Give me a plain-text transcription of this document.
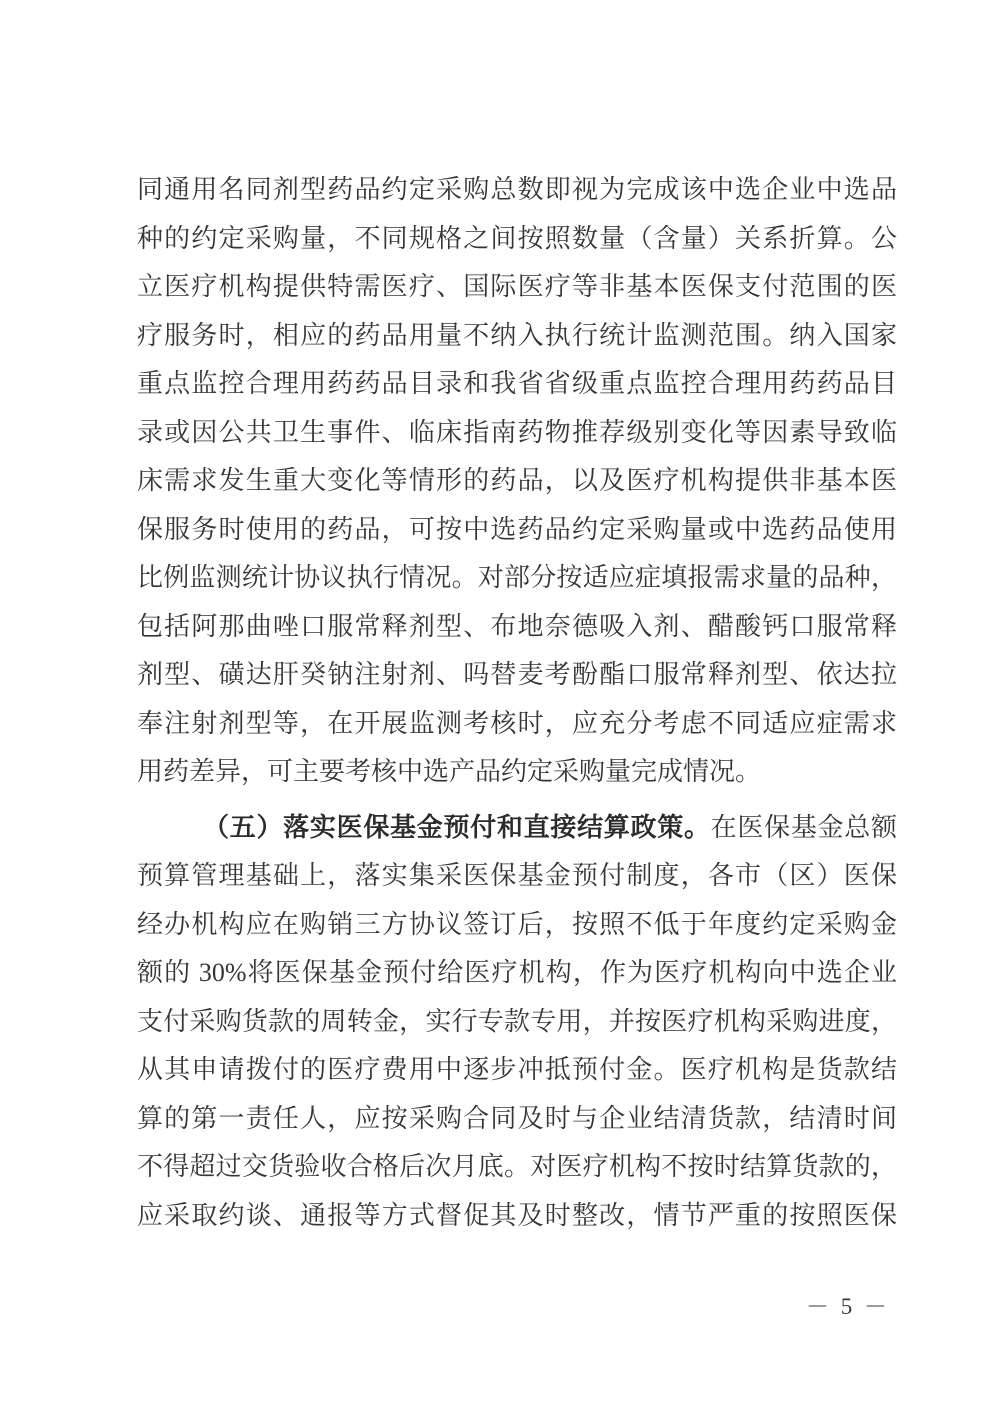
同通用名同剂型药品约定采购总数即视为完成该中选企业中选品
种的约定采购量，不同规格之间按照数量（含量）关系折算。公
立医疗机构提供特需医疗、国际医疗等非基本医保支付范围的医
疗服务时，相应的药品用量不纳入执行统计监测范围。纳入国家
重点监控合理用药药品目录和我省省级重点监控合理用药药品目
录或因公共卫生事件、临床指南药物推荐级别变化等因素导致临
床需求发生重大变化等情形的药品，以及医疗机构提供非基本医
保服务时使用的药品，可按中选药品约定采购量或中选药品使用
比例监测统计协议执行情况。对部分按适应症填报需求量的品种，
包括阿那曲唑口服常释剂型、布地奈德吸入剂、醋酸钙口服常释
剂型、磺达肝癸钠注射剂、吗替麦考酚酯口服常释剂型、依达拉
奉注射剂型等，在开展监测考核时，应充分考虑不同适应症需求
用药差异，可主要考核中选产品约定采购量完成情况。
（五）落实医保基金预付和直接结算政策。在医保基金总额
预算管理基础上，落实集采医保基金预付制度，各市（区）医保
经办机构应在购销三方协议签订后，按照不低于年度约定采购金
额的 30%将医保基金预付给医疗机构，作为医疗机构向中选企业
支付采购货款的周转金，实行专款专用，并按医疗机构采购进度，
从其申请拨付的医疗费用中逐步冲抵预付金。医疗机构是货款结
算的第一责任人，应按采购合同及时与企业结清货款，结清时间
不得超过交货验收合格后次月底。对医疗机构不按时结算货款的，
应采取约谈、通报等方式督促其及时整改，情节严重的按照医保
－ 5 －
